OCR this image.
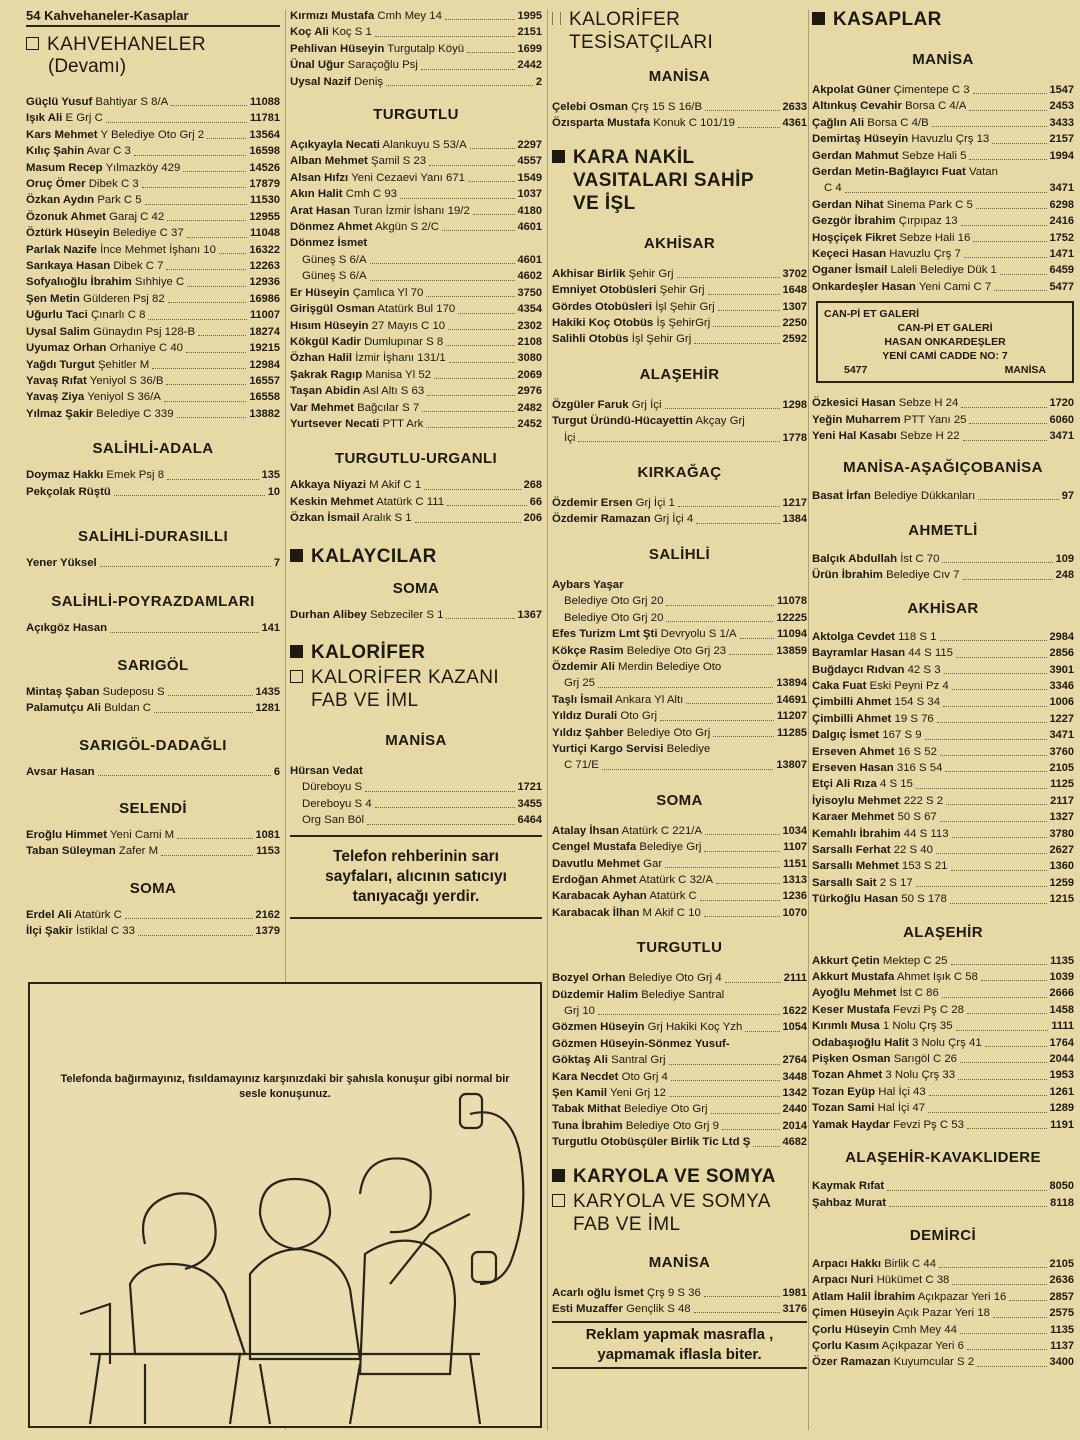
54 Kahvehaneler-Kasaplar
KAHVEHANELER
(Devamı)
Güçlü Yusuf Bahtiyar S 8/A	11088
Işık Ali E Grj C	11781
Kars Mehmet Y Belediye Oto Grj 2	13564
Kılıç Şahin Avar C 3	16598
Masum Recep Yılmazköy 429	14526
Oruç Ömer Dibek C 3	17879
Özkan Aydın Park C 5	11530
Özonuk Ahmet Garaj C 42	12955
Öztürk Hüseyin Belediye C 37	11048
Parlak Nazife İnce Mehmet İşhanı 10	16322
Sarıkaya Hasan Dibek C 7	12263
Sofyalıoğlu İbrahim Sıhhiye C	12936
Şen Metin Gülderen Psj 82	16986
Uğurlu Taci Çınarlı C 8	11007
Uysal Salim Günaydın Psj 128-B	18274
Uyumaz Orhan Orhaniye C 40	19215
Yağdı Turgut Şehitler M	12984
Yavaş Rıfat Yeniyol S 36/B	16557
Yavaş Ziya Yeniyol S 36/A	16558
Yılmaz Şakir Belediye C 339	13882
SALİHLİ-ADALA
Doymaz Hakkı Emek Psj 8	135
Pekçolak Rüştü	10
SALİHLİ-DURASILLI
Yener Yüksel	7
SALİHLİ-POYRAZDAMLARI
Açıkgöz Hasan	141
SARIGÖL
Mintaş Şaban Sudeposu S	1435
Palamutçu Ali Buldan C	1281
SARIGÖL-DADAĞLI
Avsar Hasan	6
SELENDİ
Eroğlu Himmet Yeni Cami M	1081
Taban Süleyman Zafer M	1153
SOMA
Erdel Ali Atatürk C	2162
İlçi Şakir İstiklal C 33	1379
Kırmızı Mustafa Cmh Mey 14	1995
Koç Ali Koç S 1	2151
Pehlivan Hüseyin Turgutalp Köyü	1699
Ünal Uğur Saraçoğlu Psj	2442
Uysal Nazif Deniş	2
TURGUTLU
Açıkyayla Necati Alankuyu S 53/A	2297
Alban Mehmet Şamil S 23	4557
Alsan Hıfzı Yeni Cezaevi Yanı 671	1549
Akın Halit Cmh C 93	1037
Arat Hasan Turan İzmir İshanı 19/2	4180
Dönmez Ahmet Akgün S 2/C	4601
Dönmez İsmet
Güneş S 6/A	4601
Güneş S 6/A	4602
Er Hüseyin Çamlıca Yl 70	3750
Girişgül Osman Atatürk Bul 170	4354
Hısım Hüseyin 27 Mayıs C 10	2302
Kökgül Kadir Dumlupınar S 8	2108
Özhan Halil İzmir İşhanı 131/1	3080
Şakrak Ragıp Manisa Yl 52	2069
Taşan Abidin Asl Altı S 63	2976
Var Mehmet Bağcılar S 7	2482
Yurtsever Necati PTT Ark	2452
TURGUTLU-URGANLI
Akkaya Niyazi M Akif C 1	268
Keskin Mehmet Atatürk C 111	66
Özkan İsmail Aralık S 1	206
KALAYCILAR
SOMA
Durhan Alibey Sebzeciler S 1	1367
KALORİFER
KALORİFER KAZANI FAB VE İML
MANİSA
Hürsan Vedat
Düreboyu S	1721
Dereboyu S 4	3455
Org San Böl	6464
Telefon rehberinin sarı sayfaları, alıcının satıcıyı tanıyacağı yerdir.
Telefonda bağırmayınız, fısıldamayınız karşınızdaki bir şahısla konuşur gibi normal bir sesle konuşunuz.
KALORİFER TESİSATÇILARI
MANİSA
Çelebi Osman Çrş 15 S 16/B	2633
Özısparta Mustafa Konuk C 101/19	4361
KARA NAKİL VASITALARI SAHİP VE İŞL
AKHİSAR
Akhisar Birlik Şehir Grj	3702
Emniyet Otobüsleri Şehir Grj	1648
Gördes Otobüsleri İşl Şehir Grj	1307
Hakiki Koç Otobüs İş ŞehirGrj	2250
Salihli Otobüs İşl Şehir Grj	2592
ALAŞEHİR
Özgüler Faruk Grj İçi	1298
Turgut Üründü-Hücayettin Akçay Grj
İçi	1778
KIRKAĞAÇ
Özdemir Ersen Grj İçi 1	1217
Özdemir Ramazan Grj İçi 4	1384
SALİHLİ
Aybars Yaşar
Belediye Oto Grj 20	11078
Belediye Oto Grj 20	12225
Efes Turizm Lmt Şti Devryolu S 1/A	11094
Kökçe Rasim Belediye Oto Grj 23	13859
Özdemir Ali Merdin Belediye Oto
Grj 25	13894
Taşlı İsmail Ankara Yl Altı	14691
Yıldız Durali Oto Grj	11207
Yıldız Şahber Belediye Oto Grj	11285
Yurtiçi Kargo Servisi Belediye
C 71/E	13807
SOMA
Atalay İhsan Atatürk C 221/A	1034
Cengel Mustafa Belediye Grj	1107
Davutlu Mehmet Gar	1151
Erdoğan Ahmet Atatürk C 32/A	1313
Karabacak Ayhan Atatürk C	1236
Karabacak İlhan M Akif C 10	1070
TURGUTLU
Bozyel Orhan Belediye Oto Grj 4	2111
Düzdemir Halim Belediye Santral
Grj 10	1622
Gözmen Hüseyin Grj Hakiki Koç Yzh	1054
Gözmen Hüseyin-Sönmez Yusuf-
Göktaş Ali Santral Grj	2764
Kara Necdet Oto Grj 4	3448
Şen Kamil Yeni Grj 12	1342
Tabak Mithat Belediye Oto Grj	2440
Tuna İbrahim Belediye Oto Grj 9	2014
Turgutlu Otobüsçüler Birlik Tic Ltd Ş	4682
KARYOLA VE SOMYA
KARYOLA VE SOMYA FAB VE İML
MANİSA
Acarlı oğlu İsmet Çrş 9 S 36	1981
Esti Muzaffer Gençlik S 48	3176
Reklam yapmak masrafla , yapmamak iflasla biter.
KASAPLAR
MANİSA
Akpolat Güner Çimentepe C 3	1547
Altınkuş Cevahir Borsa C 4/A	2453
Çağlın Ali Borsa C 4/B	3433
Demirtaş Hüseyin Havuzlu Çrş 13	2157
Gerdan Mahmut Sebze Hali 5	1994
Gerdan Metin-Bağlayıcı Fuat Vatan
C 4	3471
Gerdan Nihat Sinema Park C 5	6298
Gezgör İbrahim Çırpıpaz 13	2416
Hoşçiçek Fikret Sebze Hali 16	1752
Keçeci Hasan Havuzlu Çrş 7	1471
Oganer İsmail Laleli Belediye Dük 1	6459
Onkardeşler Hasan Yeni Cami C 7	5477
CAN-Pİ ET GALERİ
CAN-Pİ ET GALERİ
HASAN ONKARDEŞLER
YENİ CAMİ CADDE NO: 7
5477	MANİSA
Özkesici Hasan Sebze H 24	1720
Yeğin Muharrem PTT Yanı 25	6060
Yeni Hal Kasabı Sebze H 22	3471
MANİSA-AŞAĞIÇOBANİSA
Basat İrfan Belediye Dükkanları	97
AHMETLİ
Balçık Abdullah İst C 70	109
Ürün İbrahim Belediye Cıv 7	248
AKHİSAR
Aktolga Cevdet 118 S 1	2984
Bayramlar Hasan 44 S 115	2856
Buğdaycı Rıdvan 42 S 3	3901
Caka Fuat Eski Peyni Pz 4	3346
Çimbilli Ahmet 154 S 34	1006
Çimbilli Ahmet 19 S 76	1227
Dalgıç İsmet 167 S 9	3471
Erseven Ahmet 16 S 52	3760
Erseven Hasan 316 S 54	2105
Etçi Ali Rıza 4 S 15	1125
İyisoylu Mehmet 222 S 2	2117
Karaer Mehmet 50 S 67	1327
Kemahlı İbrahim 44 S 113	3780
Sarsallı Ferhat 22 S 40	2627
Sarsallı Mehmet 153 S 21	1360
Sarsallı Sait 2 S 17	1259
Türkoğlu Hasan 50 S 178	1215
ALAŞEHİR
Akkurt Çetin Mektep C 25	1135
Akkurt Mustafa Ahmet Işık C 58	1039
Ayoğlu Mehmet İst C 86	2666
Keser Mustafa Fevzi Pş C 28	1458
Kırımlı Musa 1 Nolu Çrş 35	1111
Odabaşıoğlu Halit 3 Nolu Çrş 41	1764
Pişken Osman Sarıgöl C 26	2044
Tozan Ahmet 3 Nolu Çrş 33	1953
Tozan Eyüp Hal İçi 43	1261
Tozan Sami Hal İçi 47	1289
Yamak Haydar Fevzi Pş C 53	1191
ALAŞEHİR-KAVAKLIDERE
Kaymak Rıfat	8050
Şahbaz Murat	8118
DEMİRCİ
Arpacı Hakkı Birlik C 44	2105
Arpacı Nuri Hükümet C 38	2636
Atlam Halil İbrahim Açıkpazar Yeri 16	2857
Çimen Hüseyin Açık Pazar Yeri 18	2575
Çorlu Hüseyin Cmh Mey 44	1135
Çorlu Kasım Açıkpazar Yeri 6	1137
Özer Ramazan Kuyumcular S 2	3400
